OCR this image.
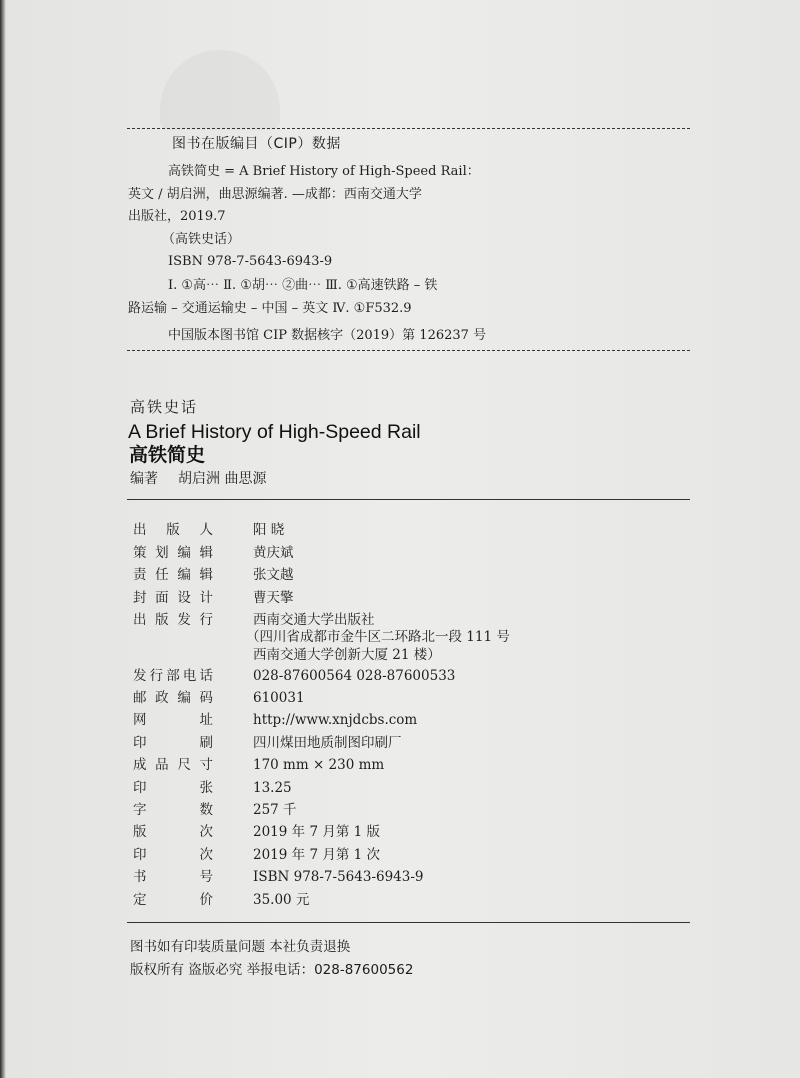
图书在版编目（CIP）数据
高铁简史 = A Brief History of High-Speed Rail：
英文 / 胡启洲，曲思源编著. —成都：西南交通大学
出版社，2019.7
（高铁史话）
ISBN 978-7-5643-6943-9
Ⅰ. ①高⋯ Ⅱ. ①胡⋯ ②曲⋯ Ⅲ. ①高速铁路 – 铁
路运输 – 交通运输史 – 中国 – 英文 Ⅳ. ①F532.9
中国版本图书馆 CIP 数据核字（2019）第 126237 号
高铁史话
A Brief History of High-Speed Rail
高铁简史
编著 胡启洲 曲思源
出版人	阳 晓
策划编辑	黄庆斌
责任编辑	张文越
封面设计	曹天擎
出版发行	西南交通大学出版社
（四川省成都市金牛区二环路北一段 111 号
西南交通大学创新大厦 21 楼）
发行部电话	028-87600564 028-87600533
邮政编码	610031
网址	http://www.xnjdcbs.com
印刷	四川煤田地质制图印刷厂
成品尺寸	170 mm × 230 mm
印张	13.25
字数	257 千
版次	2019 年 7 月第 1 版
印次	2019 年 7 月第 1 次
书号	ISBN 978-7-5643-6943-9
定价	35.00 元
图书如有印装质量问题 本社负责退换
版权所有 盗版必究 举报电话：028-87600562
